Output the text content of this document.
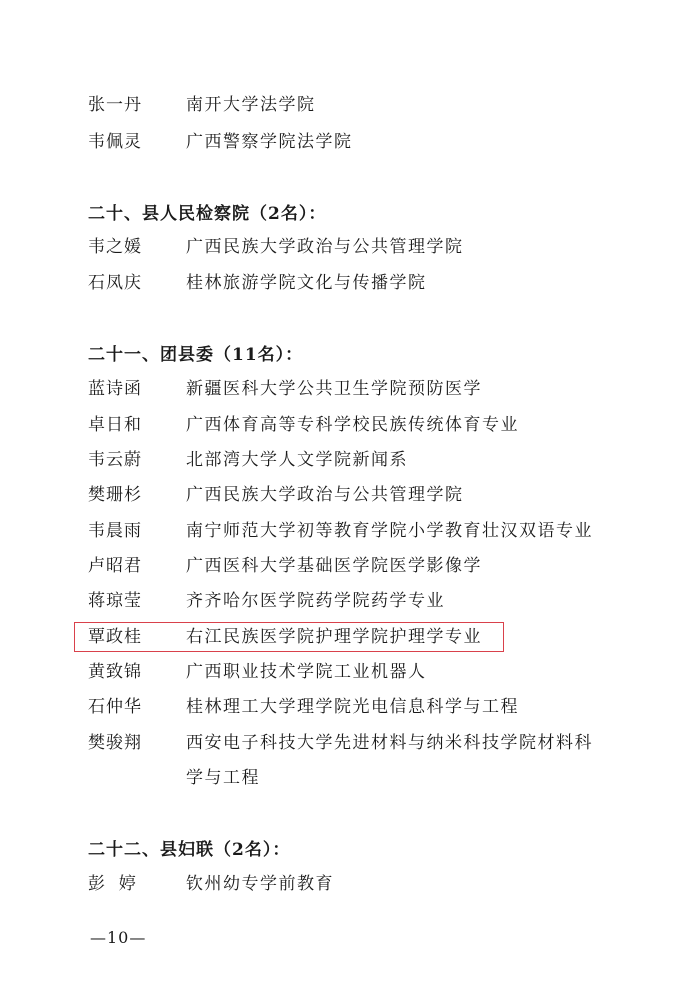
张一丹	南开大学法学院
韦佩灵	广西警察学院法学院
二十、县人民检察院（2名）：
韦之媛	广西民族大学政治与公共管理学院
石凤庆	桂林旅游学院文化与传播学院
二十一、团县委（11名）：
蓝诗函	新疆医科大学公共卫生学院预防医学
卓日和	广西体育高等专科学校民族传统体育专业
韦云蔚	北部湾大学人文学院新闻系
樊珊杉	广西民族大学政治与公共管理学院
韦晨雨	南宁师范大学初等教育学院小学教育壮汉双语专业
卢昭君	广西医科大学基础医学院医学影像学
蒋琼莹	齐齐哈尔医学院药学院药学专业
覃政桂	右江民族医学院护理学院护理学专业
黄致锦	广西职业技术学院工业机器人
石仲华	桂林理工大学理学院光电信息科学与工程
樊骏翔	西安电子科技大学先进材料与纳米科技学院材料科
学与工程
二十二、县妇联（2名）：
彭  婷	钦州幼专学前教育
—10—
